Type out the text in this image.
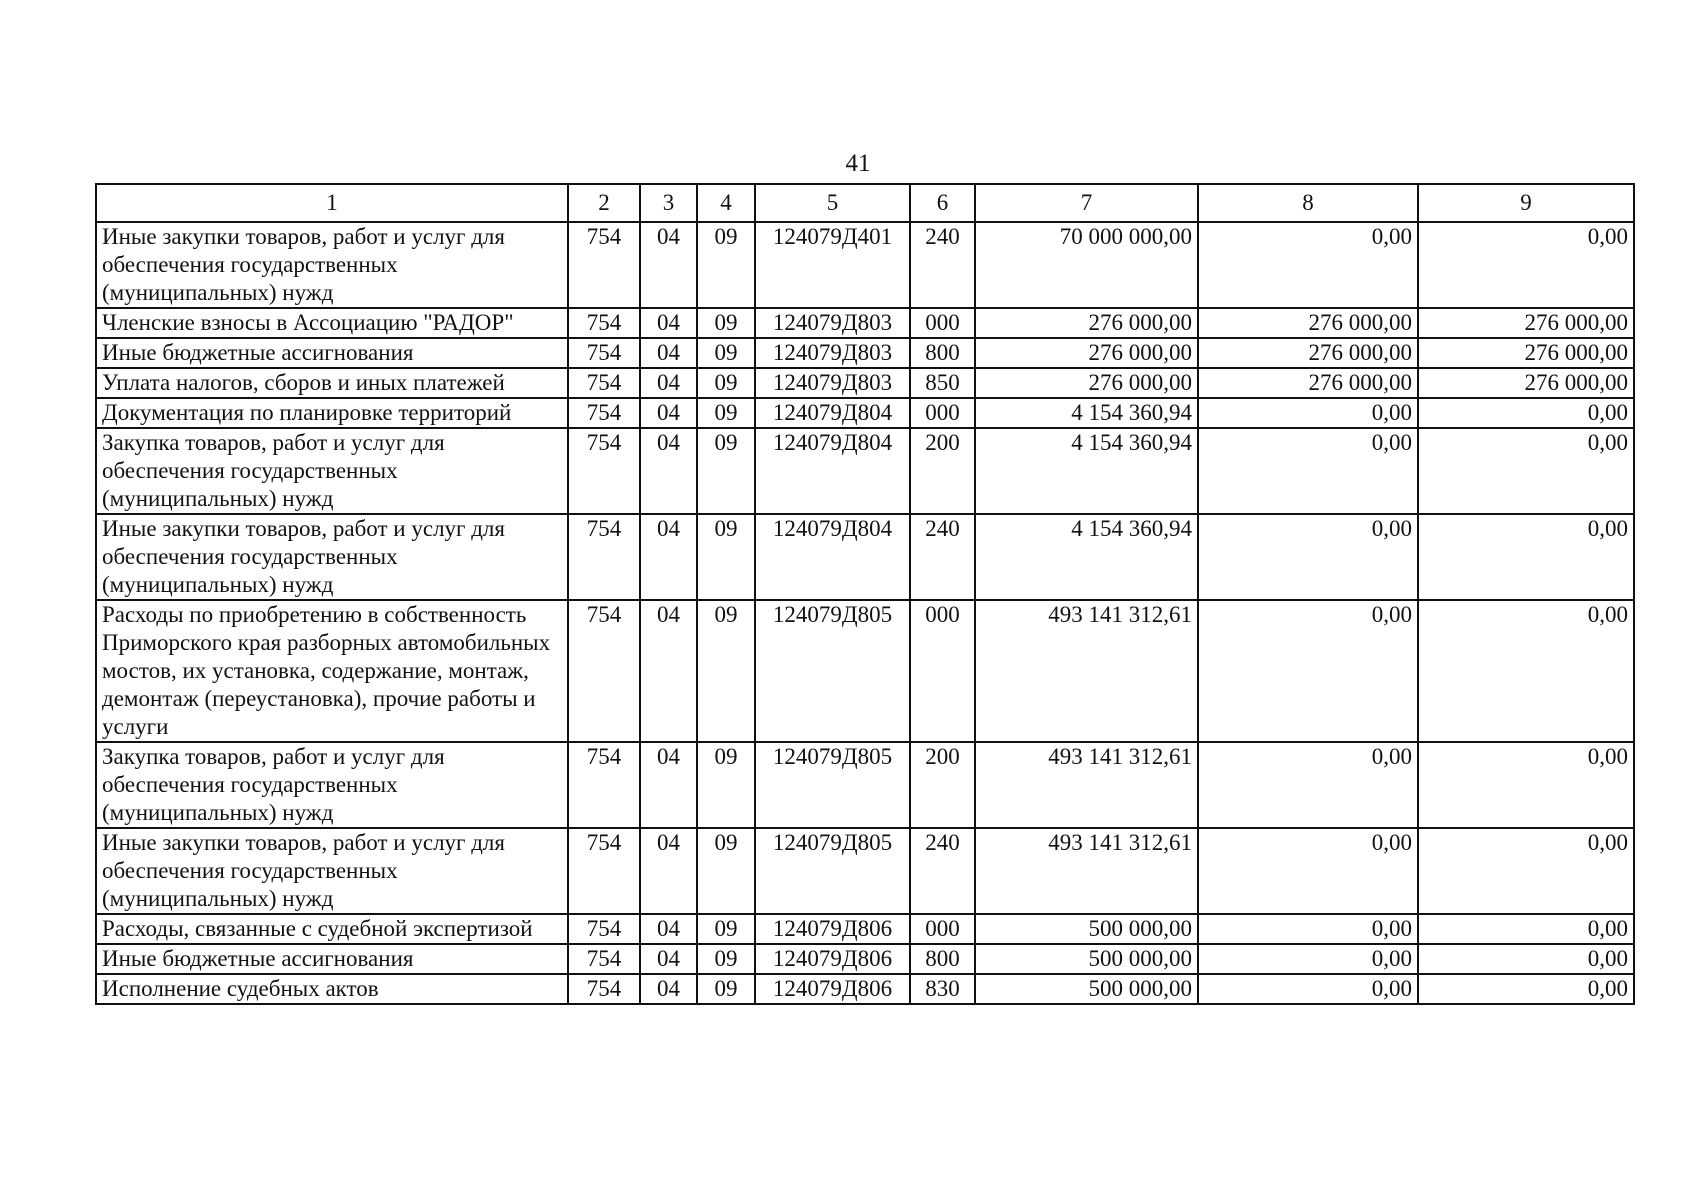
41
1	2	3	4	5	6	7	8	9
Иные закупки товаров, работ и услуг для обеспечения государственных (муниципальных) нужд	754	04	09	124079Д401	240	70 000 000,00	0,00	0,00
Членские взносы в Ассоциацию "РАДОР"	754	04	09	124079Д803	000	276 000,00	276 000,00	276 000,00
Иные бюджетные ассигнования	754	04	09	124079Д803	800	276 000,00	276 000,00	276 000,00
Уплата налогов, сборов и иных платежей	754	04	09	124079Д803	850	276 000,00	276 000,00	276 000,00
Документация по планировке территорий	754	04	09	124079Д804	000	4 154 360,94	0,00	0,00
Закупка товаров, работ и услуг для обеспечения государственных (муниципальных) нужд	754	04	09	124079Д804	200	4 154 360,94	0,00	0,00
Иные закупки товаров, работ и услуг для обеспечения государственных (муниципальных) нужд	754	04	09	124079Д804	240	4 154 360,94	0,00	0,00
Расходы по приобретению в собственность Приморского края разборных автомобильных мостов, их установка, содержание, монтаж, демонтаж (переустановка), прочие работы и услуги	754	04	09	124079Д805	000	493 141 312,61	0,00	0,00
Закупка товаров, работ и услуг для обеспечения государственных (муниципальных) нужд	754	04	09	124079Д805	200	493 141 312,61	0,00	0,00
Иные закупки товаров, работ и услуг для обеспечения государственных (муниципальных) нужд	754	04	09	124079Д805	240	493 141 312,61	0,00	0,00
Расходы, связанные с судебной экспертизой	754	04	09	124079Д806	000	500 000,00	0,00	0,00
Иные бюджетные ассигнования	754	04	09	124079Д806	800	500 000,00	0,00	0,00
Исполнение судебных актов	754	04	09	124079Д806	830	500 000,00	0,00	0,00
